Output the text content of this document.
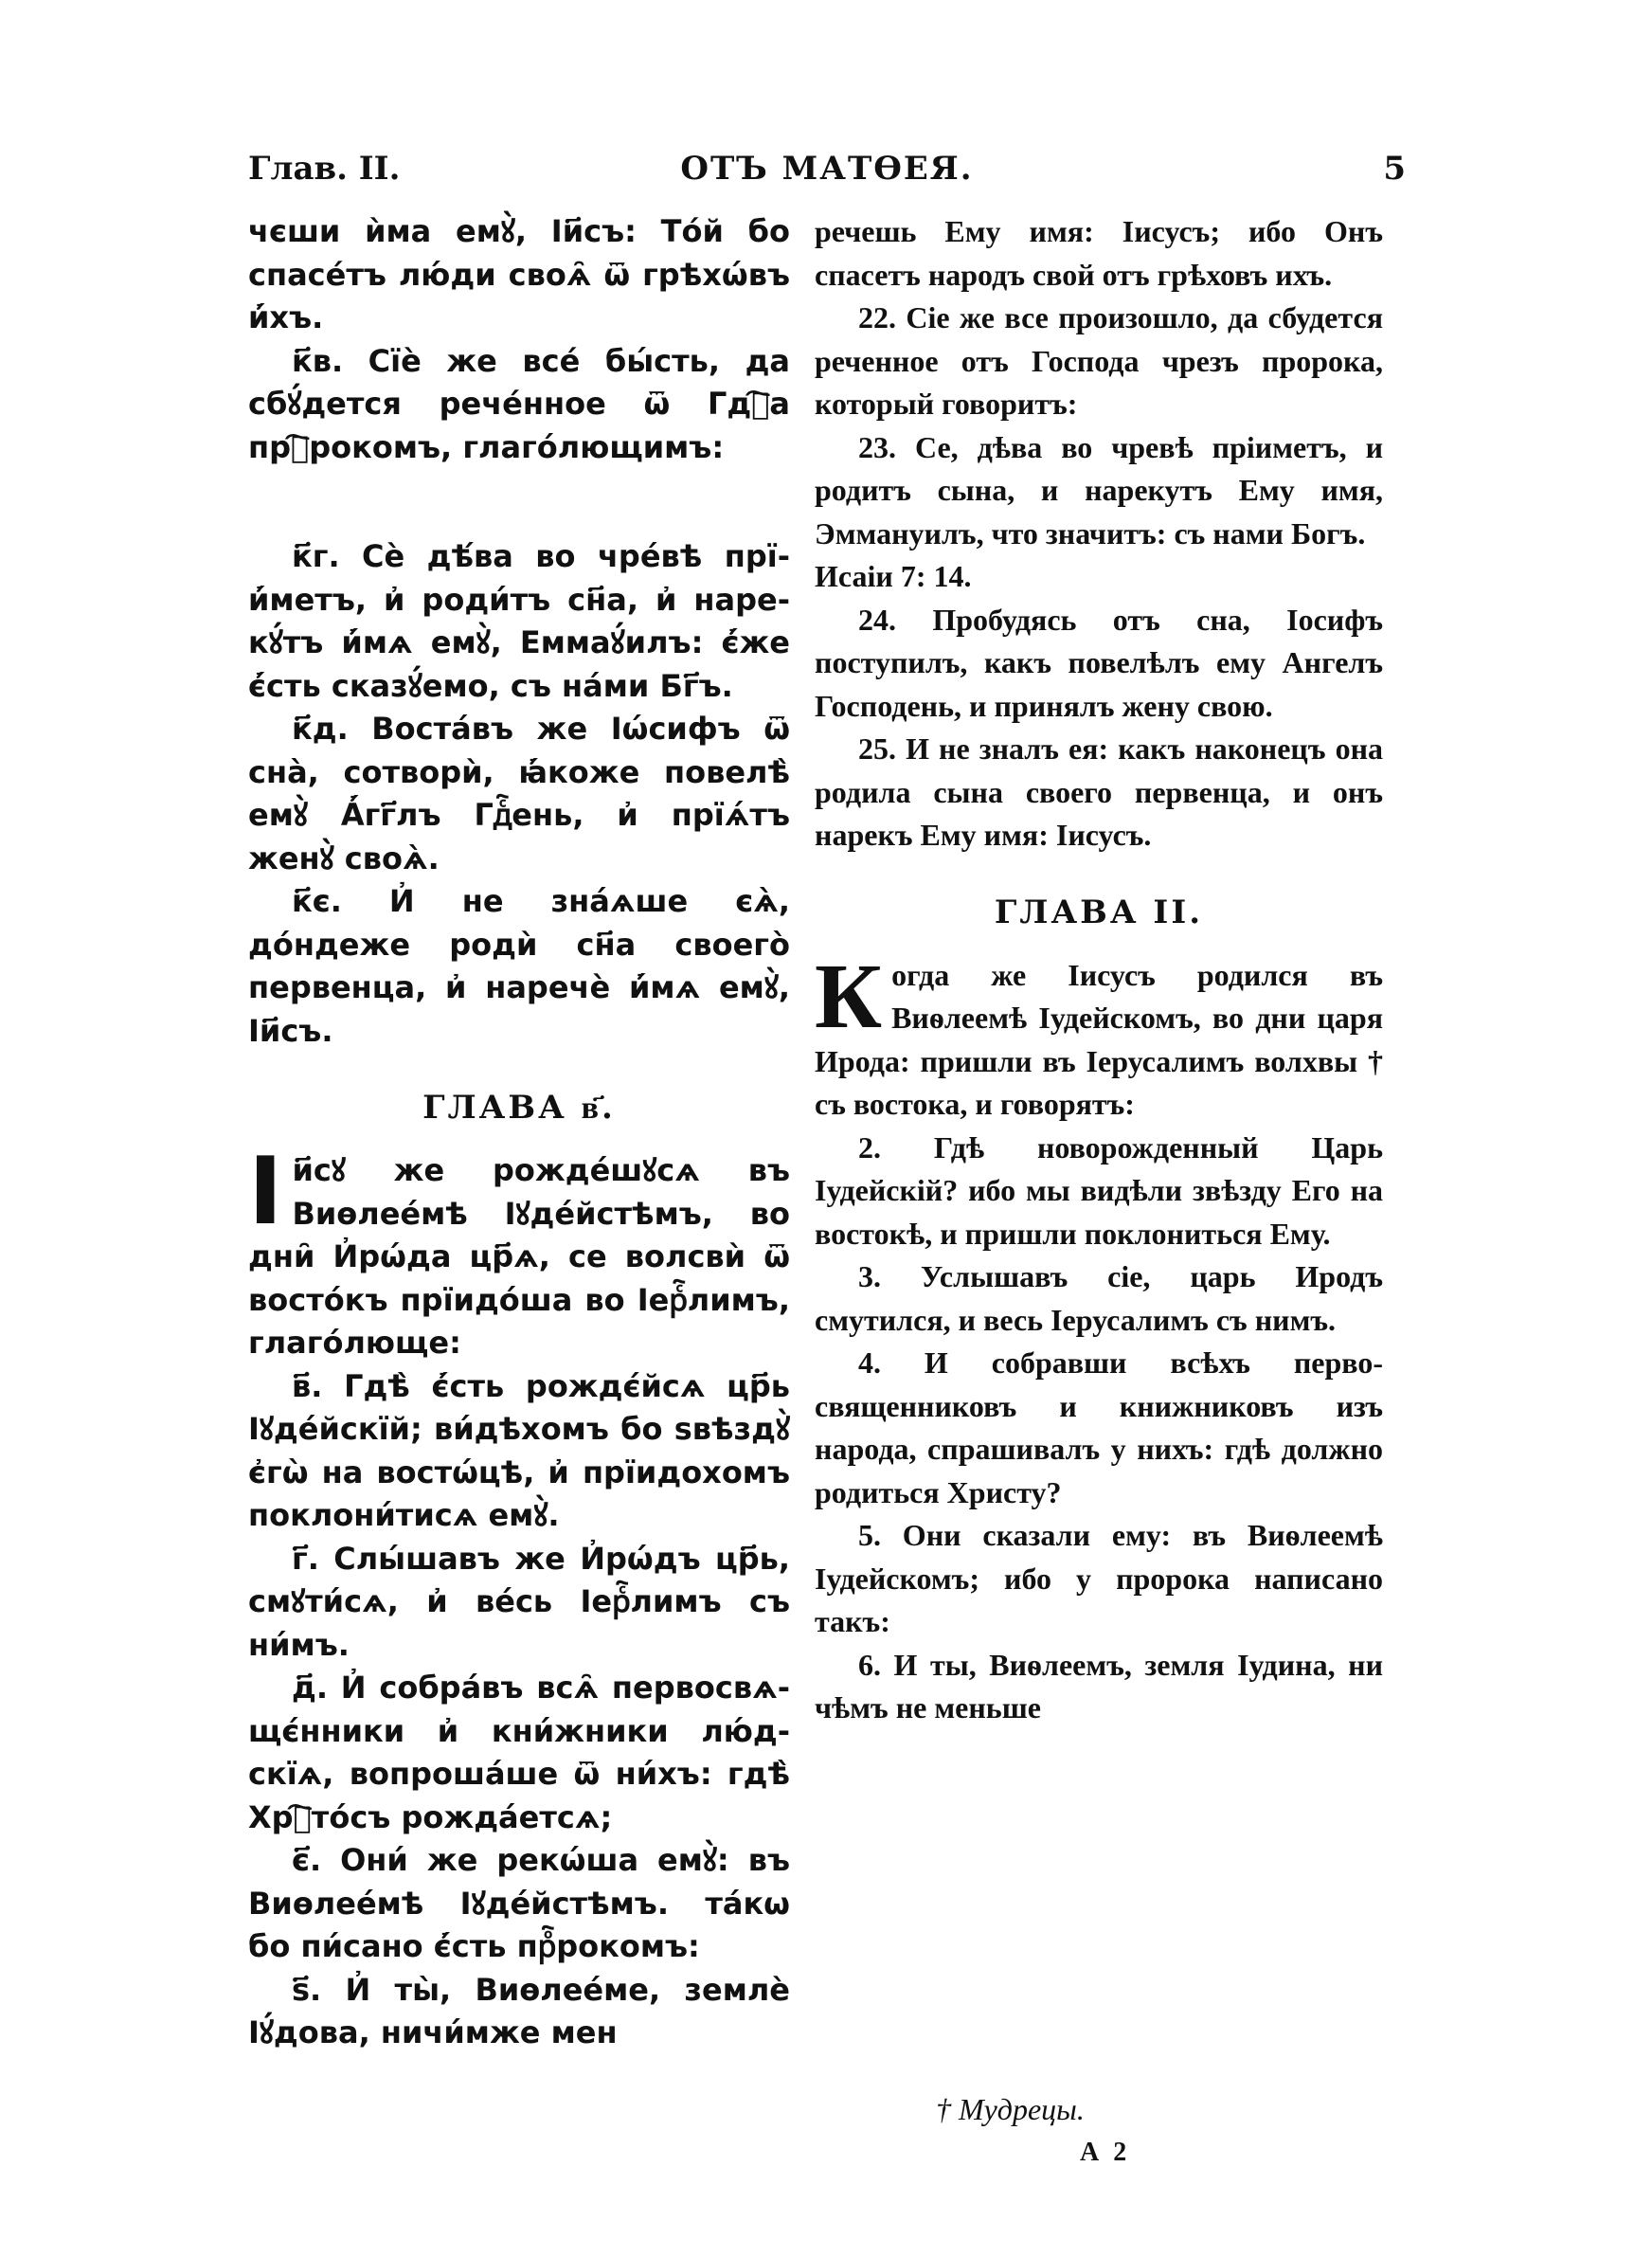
Глав. II.	ОТЪ МАТѲЕЯ.	5

чєши ѝма емꙋ̀, Іи҃съ: Тóй бо спасéтъ лю́ди своѧ̑ ѿ грѣхѡ́въ и҆́хъ.

к҃в. Сїѐ же всé бы́сть, да сбꙋ́дется речéнное ѿ Гдⷭ҇а прⷪ҇рокомъ, глаго́лющимъ:

к҃г. Сѐ дѣ́ва во чре́вѣ прїи҆́метъ, и҆ роди́тъ сн҃а, и҆ нарекꙋ́тъ и҆́мѧ емꙋ̀, Еммаꙋ́илъ: є҆́же є҆́сть сказꙋ́емо, съ на́ми Бг҃ъ.

к҃д. Воста́въ же Іѡ́сифъ ѿ сна̀, сотворѝ, ꙗ҆́коже повелѣ̀ емꙋ̀ А҆́гг҃лъ Гдⷭ҇ень, и҆ прїѧ́тъ женꙋ̀ своѧ̀.

к҃є. И҆ не зна́ѧше єѧ̀, до́ндеже родѝ сн҃а своего̀ первенца, и҆ наречѐ и҆́мѧ емꙋ̀, Іи҃съ.

ГЛАВА в҃.

Іи҃сꙋ же рожде́шꙋсѧ въ Виѳлее́мѣ Іꙋде́йстѣмъ, во дни̑ И҆рѡ́да цр҃ѧ, се волсвѝ ѿ восто́къ прїидо́ша во Іерⷭ҇лимъ, глаго́люще:

в҃. Гдѣ̀ є҆́сть рождє́йсѧ цр҃ь Іꙋде́йскїй; ви́дѣхомъ бо ѕвѣздꙋ̀ є҆гѡ̀ на востѡ́цѣ, и҆ прїидохомъ поклони́тисѧ емꙋ̀.

г҃. Слы́шавъ же И҆рѡ́дъ цр҃ь, смꙋти́сѧ, и҆ ве́сь Іерⷭ҇лимъ съ ни́мъ.

д҃. И҆ собра́въ всѧ̑ первосвѧщє́нники и҆ кни́жники лю́дскїѧ, вопроша́ше ѿ ни́хъ: гдѣ̀ Хрⷭ҇то́съ рожда́етсѧ;

є҃. Они́ же рекѡ́ша емꙋ̀: въ Виѳлее́мѣ Іꙋде́йстѣмъ. та́кѡ бо пи́сано є҆́сть прⷪ҇рокомъ:

ѕ҃. И҆ ты̀, Виѳлее́ме, землѐ Іꙋ́дова, ничи́мже мен

речешь Ему имя: Іисусъ; ибо Онъ спасетъ народъ свой отъ грѣховъ ихъ.

22. Сіе же все произошло, да сбудется реченное отъ Господа чрезъ пророка, который говоритъ:

23. Се, дѣва во чревѣ пріиметъ, и родитъ сына, и нарекутъ Ему имя, Эммануилъ, что значитъ: съ нами Богъ.

Исаіи 7: 14.

24. Пробудясь отъ сна, Іосифъ поступилъ, какъ повелѣлъ ему Ангелъ Господень, и принялъ жену свою.

25. И не зналъ ея: какъ наконецъ она родила сына своего первенца, и онъ нарекъ Ему имя: Іисусъ.

ГЛАВА II.

Когда же Іисусъ родился въ Виѳлеемѣ Іудейскомъ, во дни царя Ирода: пришли въ Іерусалимъ волхвы † съ востока, и говорятъ:

2. Гдѣ новорожденный Царь Іудейскій? ибо мы видѣли звѣзду Его на востокѣ, и пришли поклониться Ему.

3. Услышавъ сіе, царь Иродъ смутился, и весь Іерусалимъ съ нимъ.

4. И собравши всѣхъ первосвященниковъ и книжниковъ изъ народа, спрашивалъ у нихъ: гдѣ должно родиться Христу?

5. Они сказали ему: въ Виѳлеемѣ Іудейскомъ; ибо у пророка написано такъ:

6. И ты, Виѳлеемъ, земля Іудина, ни чѣмъ не меньше

† Мудрецы.
А 2
